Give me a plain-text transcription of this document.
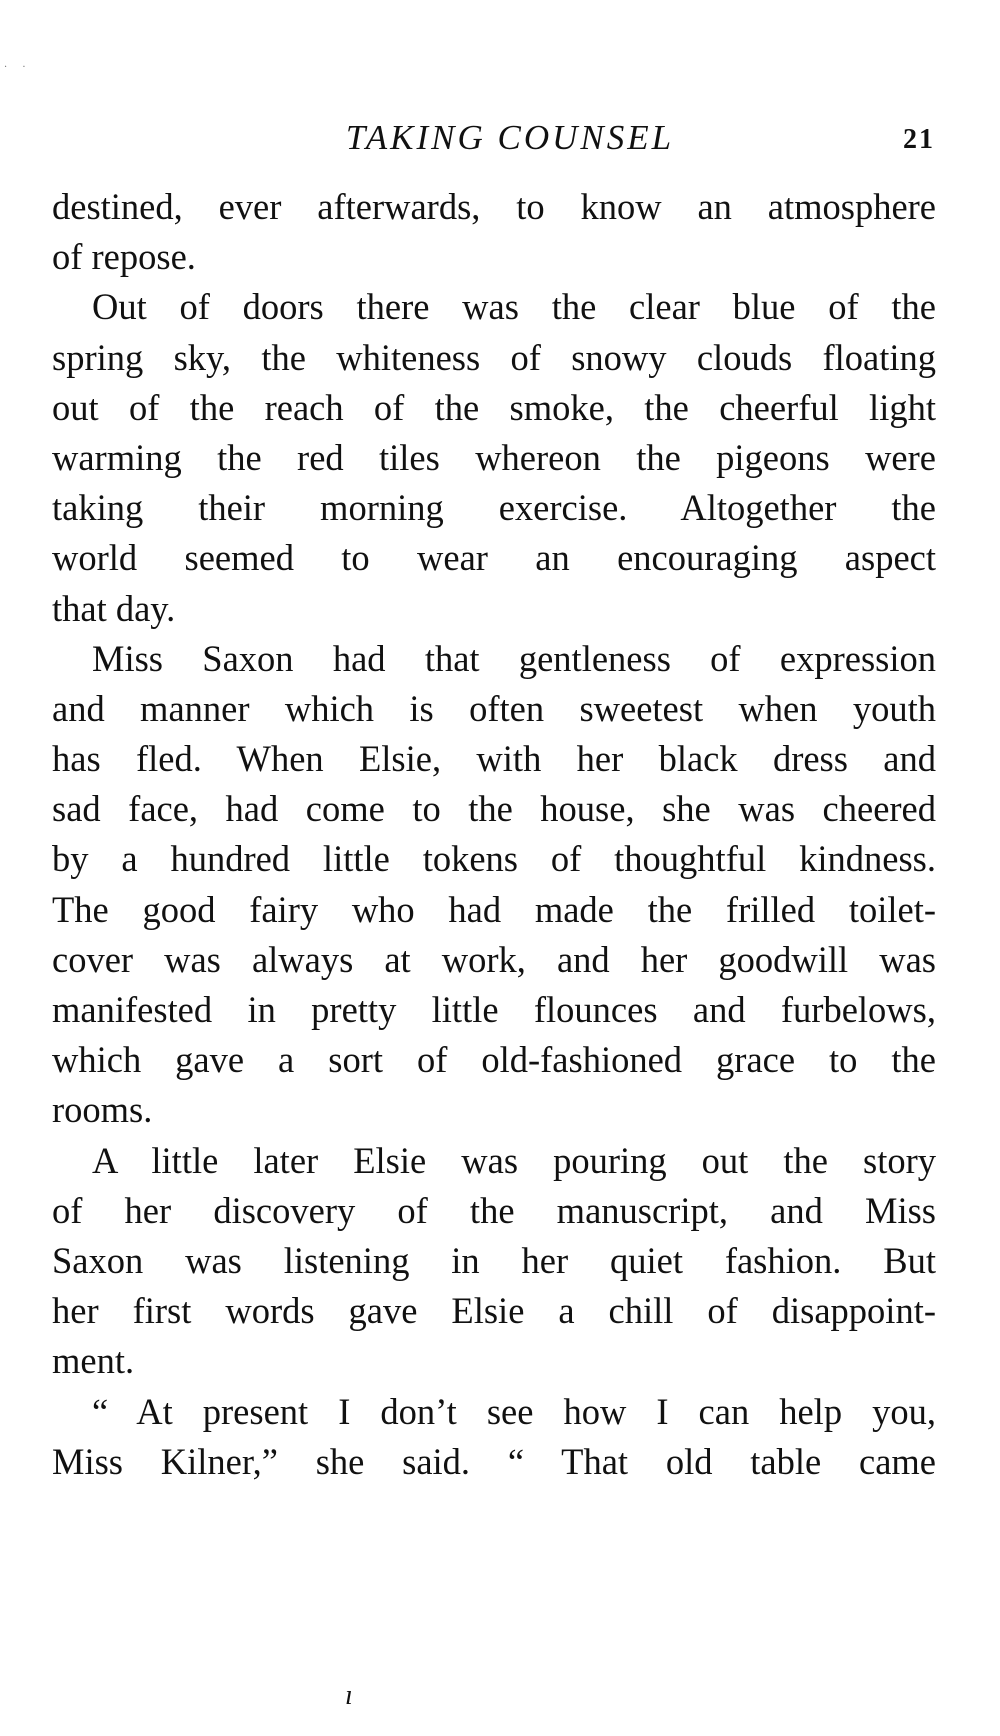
· ·
TAKING COUNSEL	21
destined, ever afterwards, to know an atmosphere
of repose.
Out of doors there was the clear blue of the
spring sky, the whiteness of snowy clouds floating
out of the reach of the smoke, the cheerful light
warming the red tiles whereon the pigeons were
taking their morning exercise. Altogether the
world seemed to wear an encouraging aspect
that day.
Miss Saxon had that gentleness of expression
and manner which is often sweetest when youth
has fled. When Elsie, with her black dress and
sad face, had come to the house, she was cheered
by a hundred little tokens of thoughtful kindness.
The good fairy who had made the frilled toilet-
cover was always at work, and her goodwill was
manifested in pretty little flounces and furbelows,
which gave a sort of old-fashioned grace to the
rooms.
A little later Elsie was pouring out the story
of her discovery of the manuscript, and Miss
Saxon was listening in her quiet fashion. But
her first words gave Elsie a chill of disappoint-
ment.
“ At present I don’t see how I can help you,
Miss Kilner,” she said. “ That old table came
ı
